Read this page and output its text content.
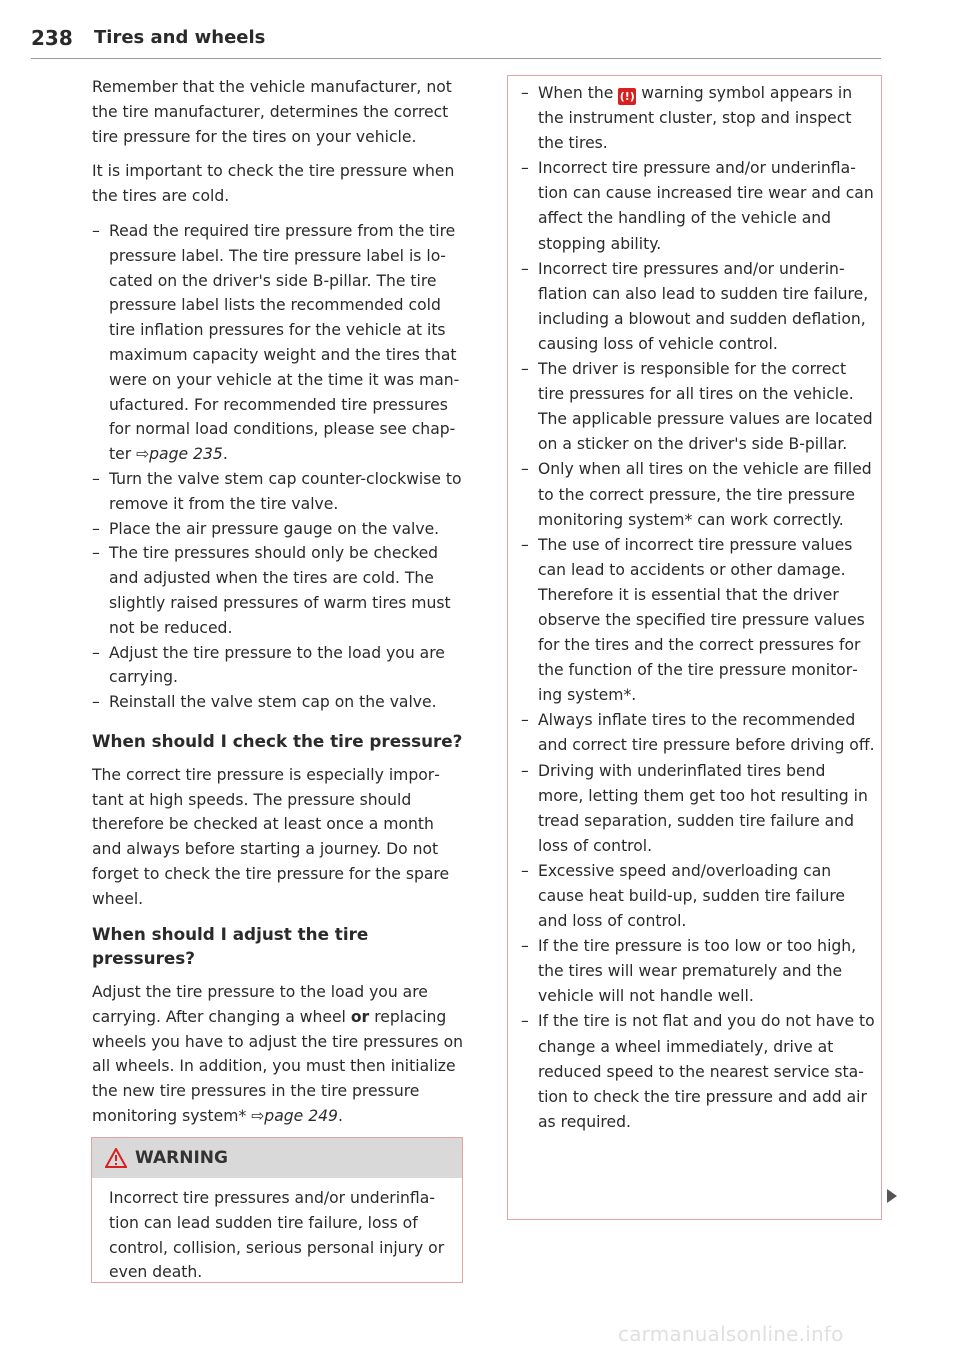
238 Tires and wheels

Remember that the vehicle manufacturer, not the tire manufacturer, determines the correct tire pressure for the tires on your vehicle.

It is important to check the tire pressure when the tires are cold.

– Read the required tire pressure from the tire pressure label. The tire pressure label is located on the driver's side B-pillar. The tire pressure label lists the recommended cold tire inflation pressures for the vehicle at its maximum capacity weight and the tires that were on your vehicle at the time it was manufactured. For recommended tire pressures for normal load conditions, please see chapter ⇨page 235.
– Turn the valve stem cap counter-clockwise to remove it from the tire valve.
– Place the air pressure gauge on the valve.
– The tire pressures should only be checked and adjusted when the tires are cold. The slightly raised pressures of warm tires must not be reduced.
– Adjust the tire pressure to the load you are carrying.
– Reinstall the valve stem cap on the valve.
When should I check the tire pressure?

The correct tire pressure is especially important at high speeds. The pressure should therefore be checked at least once a month and always before starting a journey. Do not forget to check the tire pressure for the spare wheel.

When should I adjust the tire pressures?

Adjust the tire pressure to the load you are carrying. After changing a wheel or replacing wheels you have to adjust the tire pressures on all wheels. In addition, you must then initialize the new tire pressures in the tire pressure monitoring system* ⇨page 249.

WARNING
Incorrect tire pressures and/or underinflation can lead sudden tire failure, loss of control, collision, serious personal injury or even death.
– When the (!) warning symbol appears in the instrument cluster, stop and inspect the tires.
– Incorrect tire pressure and/or underinflation can cause increased tire wear and can affect the handling of the vehicle and stopping ability.
– Incorrect tire pressures and/or underinflation can also lead to sudden tire failure, including a blowout and sudden deflation, causing loss of vehicle control.
– The driver is responsible for the correct tire pressures for all tires on the vehicle. The applicable pressure values are located on a sticker on the driver's side B-pillar.
– Only when all tires on the vehicle are filled to the correct pressure, the tire pressure monitoring system* can work correctly.
– The use of incorrect tire pressure values can lead to accidents or other damage. Therefore it is essential that the driver observe the specified tire pressure values for the tires and the correct pressures for the function of the tire pressure monitoring system*.
– Always inflate tires to the recommended and correct tire pressure before driving off.
– Driving with underinflated tires bend more, letting them get too hot resulting in tread separation, sudden tire failure and loss of control.
– Excessive speed and/overloading can cause heat build-up, sudden tire failure and loss of control.
– If the tire pressure is too low or too high, the tires will wear prematurely and the vehicle will not handle well.
– If the tire is not flat and you do not have to change a wheel immediately, drive at reduced speed to the nearest service station to check the tire pressure and add air as required.
carmanualsonline.info
